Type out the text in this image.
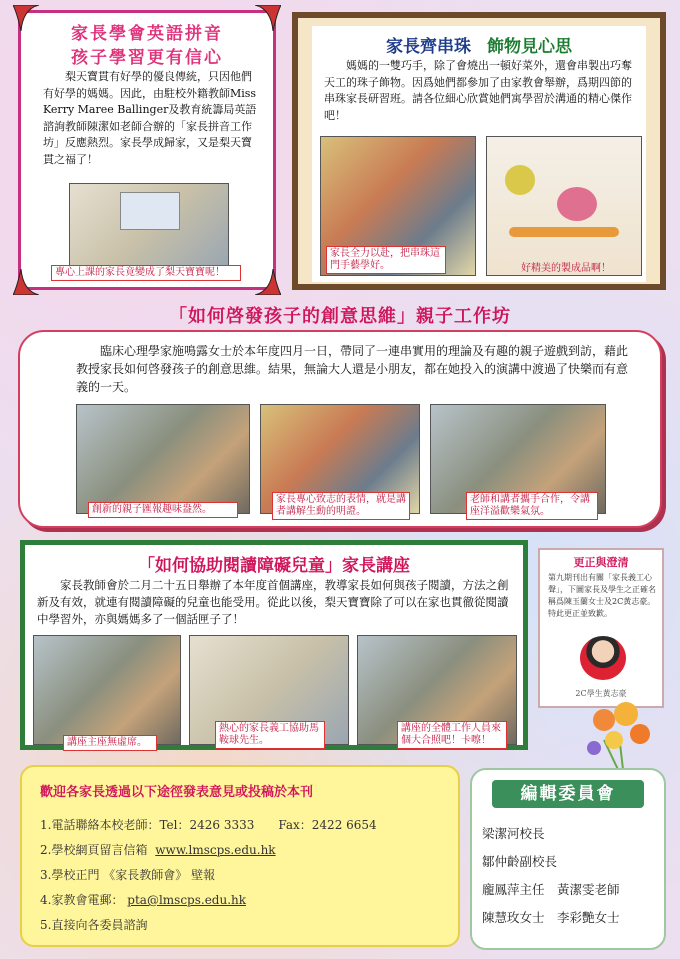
家長學會英語拼音
孩子學習更有信心
梨天寶貫有好學的優良傳統，只因他們有好學的媽媽。因此，由駐校外籍教師Miss Kerry Maree Ballinger及教育統籌局英語諮詢教師陳潔如老師合辦的「家長拼音工作坊」反應熱烈。家長學成歸家，又是梨天寶貫之福了！
專心上課的家長竟變成了梨天寶寶呢！
家長齊串珠 飾物見心思
媽媽的一雙巧手，除了會燒出一頓好菜外，還會串製出巧奪天工的珠子飾物。因爲她們都參加了由家教會舉辦，爲期四節的串珠家長研習班。請各位細心欣賞她們寓學習於溝通的精心傑作吧！
家長全力以赴，把串珠這門手藝學好。	好精美的製成品啊！
「如何啓發孩子的創意思維」親子工作坊
臨床心理學家施鳴露女士於本年度四月一日，帶同了一連串實用的理論及有趣的親子遊戲到訪，藉此教授家長如何啓發孩子的創意思維。結果，無論大人還是小朋友，都在她投入的演講中渡過了快樂而有意義的一天。
創新的親子匯報趣味盎然。
家長專心致志的表情，就是講者講解生動的明證。
老師和講者攜手合作，令講座洋溢歡樂氣氛。
「如何協助閱讀障礙兒童」家長講座
家長教師會於二月二十五日舉辦了本年度首個講座，教導家長如何與孩子閱讀，方法之創新及有效，就連有閱讀障礙的兒童也能受用。從此以後，梨天寶寶除了可以在家也貫徹從閱讀中學習外，亦與媽媽多了一個話匣子了！
講座主座無虛席。
熱心的家長義工協助馬鞍球先生。
講座的全體工作人員來個大合照吧！卡嚓！
更正與澄清
第九期刊出有關「家長義工心聲」，下圖家長及學生之正確名稱爲陳玉蘭女士及2C黃志豪。特此更正並致歉。
2C學生黃志豪
歡迎各家長透過以下途徑發表意見或投稿於本刊
1.電話聯絡本校老師：Tel：2426 3333　　Fax：2422 6654
2.學校網頁留言信箱 www.lmscps.edu.hk
3.學校正門 《家長教師會》 壁報
4.家教會電郵： pta@lmscps.edu.hk
5.直接向各委員諮詢
編輯委員會
梁潔河校長
鄒仲齡副校長
龐鳳萍主任　黃潔雯老師
陳慧玫女士　李彩艷女士
